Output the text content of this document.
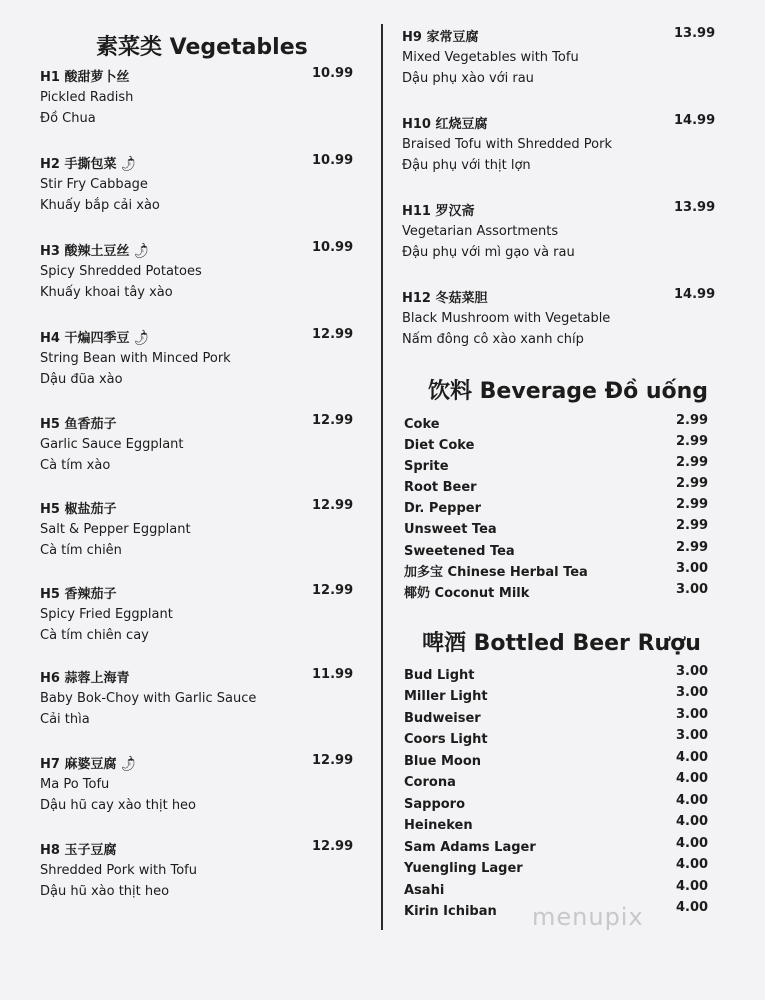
素菜类 Vegetables
H1 酸甜萝卜丝	10.99
Pickled Radish
Đồ Chua
H2 手撕包菜 🌶	10.99
Stir Fry Cabbage
Khuấy bắp cải xào
H3 酸辣土豆丝 🌶	10.99
Spicy Shredded Potatoes
Khuấy khoai tây xào
H4 干煸四季豆 🌶	12.99
String Bean with Minced Pork
Dậu đũa xào
H5 鱼香茄子	12.99
Garlic Sauce Eggplant
Cà tím xào
H5 椒盐茄子	12.99
Salt & Pepper Eggplant
Cà tím chiên
H5 香辣茄子	12.99
Spicy Fried Eggplant
Cà tím chiên cay
H6 蒜蓉上海青	11.99
Baby Bok-Choy with Garlic Sauce
Cải thìa
H7 麻婆豆腐 🌶	12.99
Ma Po Tofu
Dậu hũ cay xào thịt heo
H8 玉子豆腐	12.99
Shredded Pork with Tofu
Dậu hũ xào thịt heo
H9 家常豆腐	13.99
Mixed Vegetables with Tofu
Dậu phụ xào với rau
H10 红烧豆腐	14.99
Braised Tofu with Shredded Pork
Đậu phụ với thịt lợn
H11 罗汉斋	13.99
Vegetarian Assortments
Đậu phụ với mì gạo và rau
H12 冬菇菜胆	14.99
Black Mushroom with Vegetable
Nấm đông cô xào xanh chíp
饮料 Beverage Đồ uống
Coke	2.99
Diet Coke	2.99
Sprite	2.99
Root Beer	2.99
Dr. Pepper	2.99
Unsweet Tea	2.99
Sweetened Tea	2.99
加多宝 Chinese Herbal Tea	3.00
椰奶 Coconut Milk	3.00
啤酒 Bottled Beer Rượu
Bud Light	3.00
Miller Light	3.00
Budweiser	3.00
Coors Light	3.00
Blue Moon	4.00
Corona	4.00
Sapporo	4.00
Heineken	4.00
Sam Adams Lager	4.00
Yuengling Lager	4.00
Asahi	4.00
Kirin Ichiban	4.00
menupix
